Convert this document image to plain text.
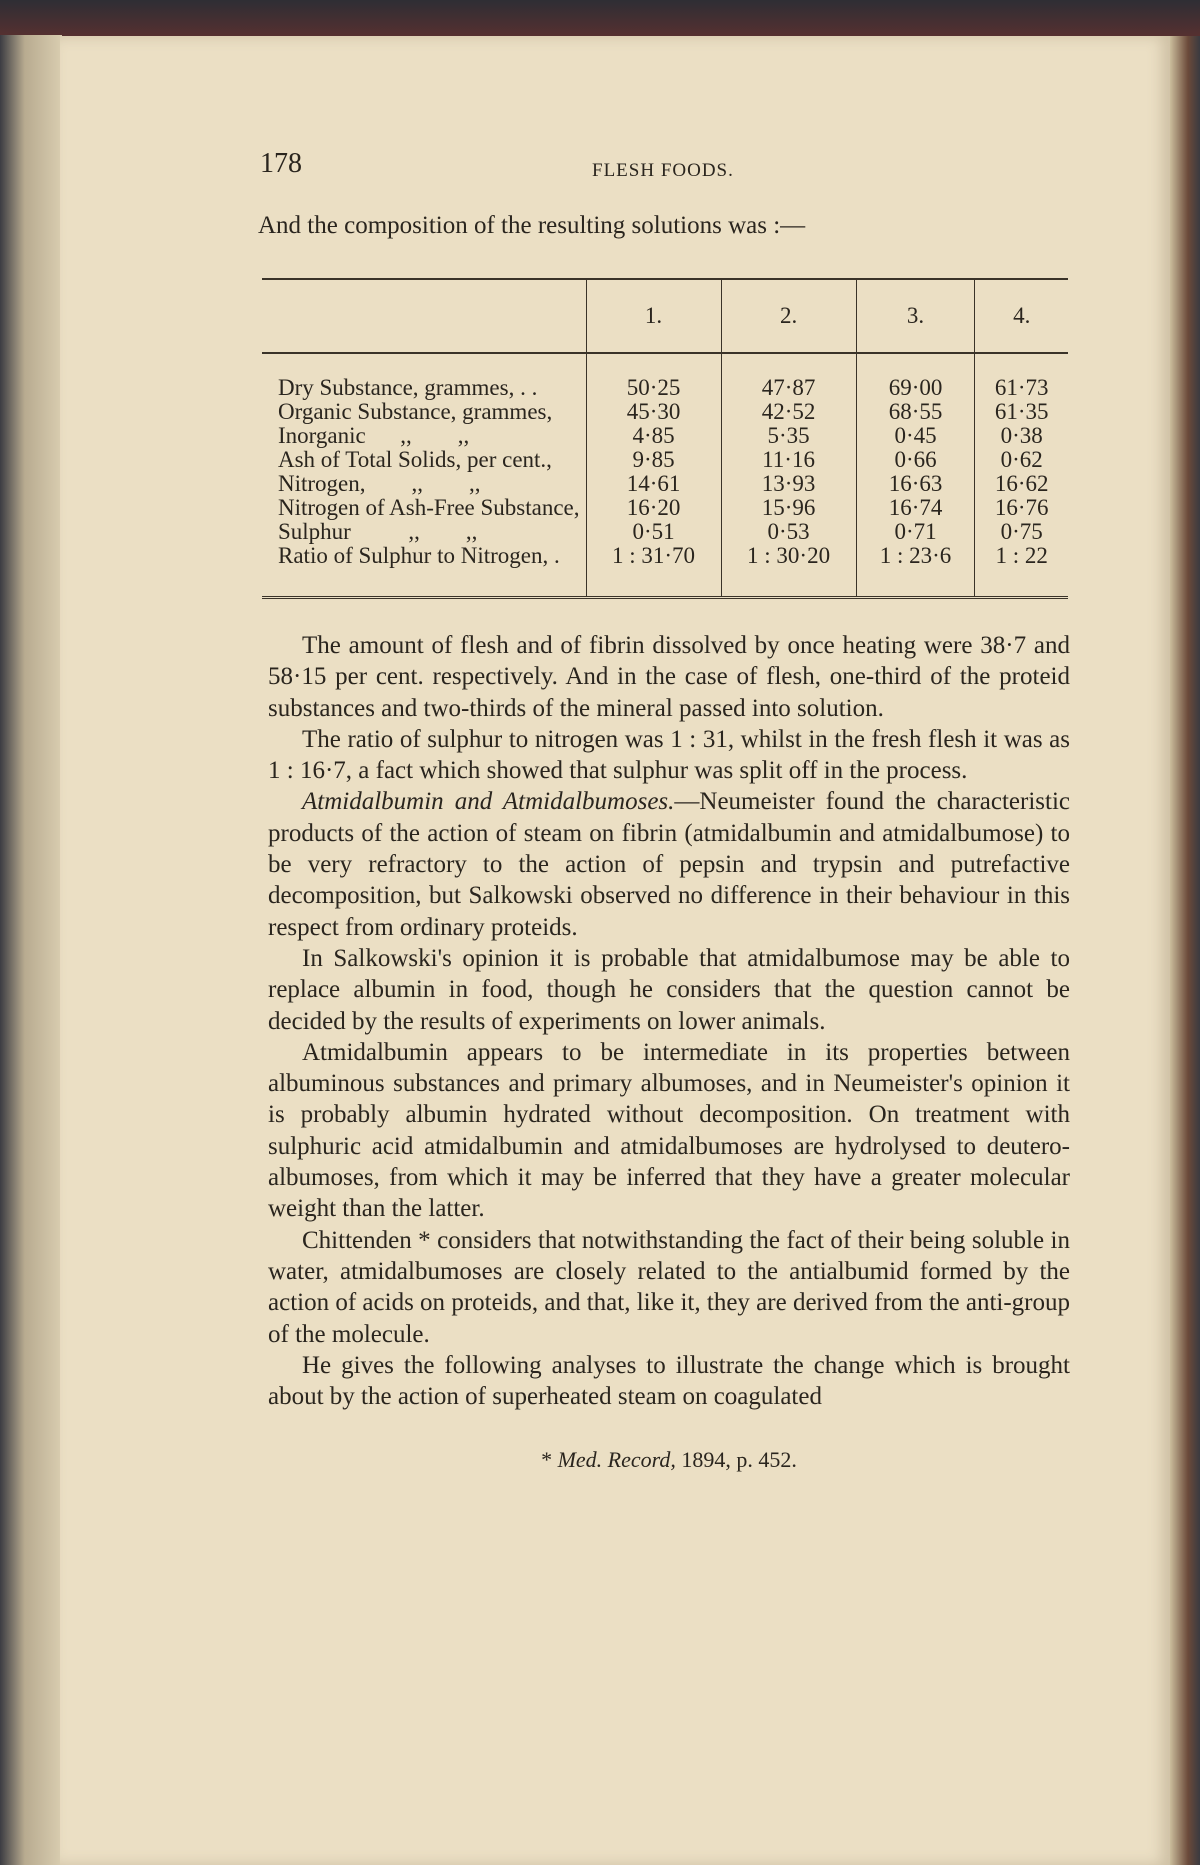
178	FLESH FOODS.
And the composition of the resulting solutions was :—
	1.	2.	3.	4.
Dry Substance, grammes, . .	50·25	47·87	69·00	61·73
Organic Substance, grammes,	45·30	42·52	68·55	61·35
Inorganic      ,,        ,,	4·85	5·35	0·45	0·38
Ash of Total Solids, per cent.,	9·85	11·16	0·66	0·62
Nitrogen,        ,,        ,,	14·61	13·93	16·63	16·62
Nitrogen of Ash-Free Substance,	16·20	15·96	16·74	16·76
Sulphur          ,,        ,,	0·51	0·53	0·71	0·75
Ratio of Sulphur to Nitrogen, .	1 : 31·70	1 : 30·20	1 : 23·6	1 : 22

The amount of flesh and of fibrin dissolved by once heating were 38·7 and 58·15 per cent. respectively. And in the case of flesh, one-third of the proteid substances and two-thirds of the mineral passed into solution.

The ratio of sulphur to nitrogen was 1 : 31, whilst in the fresh flesh it was as 1 : 16·7, a fact which showed that sulphur was split off in the process.

Atmidalbumin and Atmidalbumoses.—Neumeister found the characteristic products of the action of steam on fibrin (atmidalbumin and atmidalbumose) to be very refractory to the action of pepsin and trypsin and putrefactive decomposition, but Salkowski observed no difference in their behaviour in this respect from ordinary proteids.

In Salkowski's opinion it is probable that atmidalbumose may be able to replace albumin in food, though he considers that the question cannot be decided by the results of experiments on lower animals.

Atmidalbumin appears to be intermediate in its properties between albuminous substances and primary albumoses, and in Neumeister's opinion it is probably albumin hydrated without decomposition. On treatment with sulphuric acid atmidalbumin and atmidalbumoses are hydrolysed to deutero-albumoses, from which it may be inferred that they have a greater molecular weight than the latter.

Chittenden * considers that notwithstanding the fact of their being soluble in water, atmidalbumoses are closely related to the antialbumid formed by the action of acids on proteids, and that, like it, they are derived from the anti-group of the molecule.

He gives the following analyses to illustrate the change which is brought about by the action of superheated steam on coagulated

* Med. Record, 1894, p. 452.
